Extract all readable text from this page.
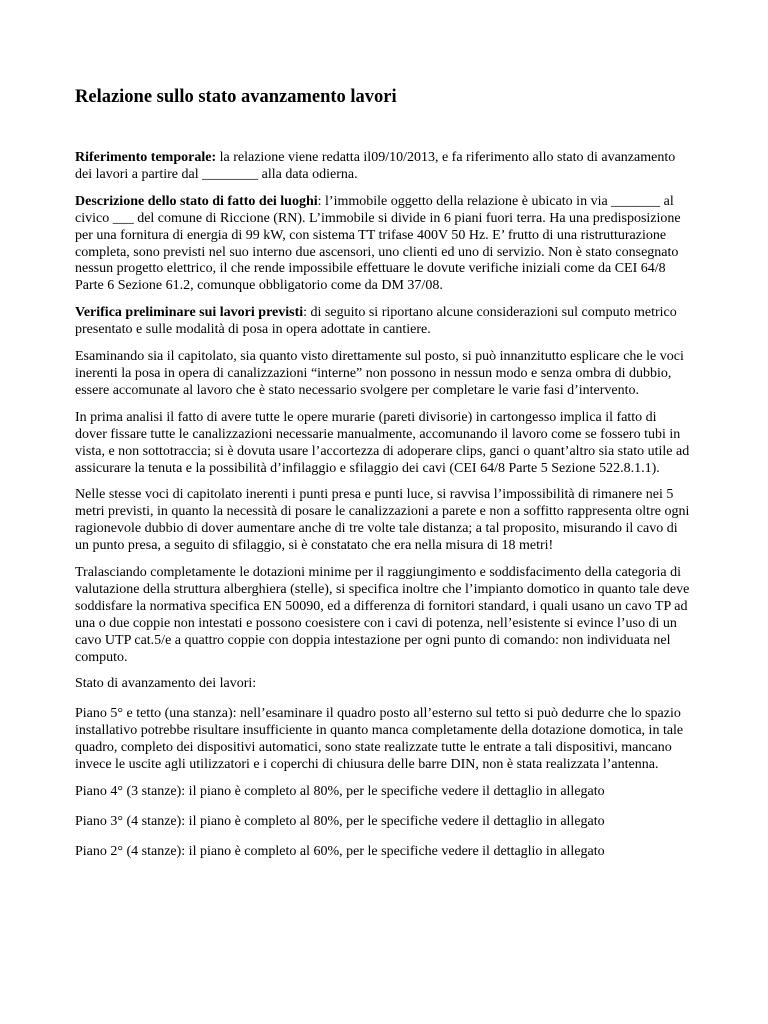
Relazione sullo stato avanzamento lavori

Riferimento temporale: la relazione viene redatta il09/10/2013, e fa riferimento allo stato di avanzamento dei lavori a partire dal ________ alla data odierna.

Descrizione dello stato di fatto dei luoghi: l’immobile oggetto della relazione è ubicato in via _______ al civico ___ del comune di Riccione (RN). L’immobile si divide in 6 piani fuori terra. Ha una predisposizione per una fornitura di energia di 99 kW, con sistema TT trifase 400V 50 Hz. E’ frutto di una ristrutturazione completa, sono previsti nel suo interno due ascensori, uno clienti ed uno di servizio. Non è stato consegnato nessun progetto elettrico, il che rende impossibile effettuare le dovute verifiche iniziali come da CEI 64/8 Parte 6 Sezione 61.2, comunque obbligatorio come da DM 37/08.

Verifica preliminare sui lavori previsti: di seguito si riportano alcune considerazioni sul computo metrico presentato e sulle modalità di posa in opera adottate in cantiere.

Esaminando sia il capitolato, sia quanto visto direttamente sul posto, si può innanzitutto esplicare che le voci inerenti la posa in opera di canalizzazioni “interne” non possono in nessun modo e senza ombra di dubbio, essere accomunate al lavoro che è stato necessario svolgere per completare le varie fasi d’intervento.

In prima analisi il fatto di avere tutte le opere murarie (pareti divisorie) in cartongesso implica il fatto di dover fissare tutte le canalizzazioni necessarie manualmente, accomunando il lavoro come se fossero tubi in vista, e non sottotraccia; si è dovuta usare l’accortezza di adoperare clips, ganci o quant’altro sia stato utile ad assicurare la tenuta e la possibilità d’infilaggio e sfilaggio dei cavi (CEI 64/8 Parte 5 Sezione 522.8.1.1).

Nelle stesse voci di capitolato inerenti i punti presa e punti luce, si ravvisa l’impossibilità di rimanere nei 5 metri previsti, in quanto la necessità di posare le canalizzazioni a parete e non a soffitto rappresenta oltre ogni ragionevole dubbio di dover aumentare anche di tre volte tale distanza; a tal proposito, misurando il cavo di un punto presa, a seguito di sfilaggio, si è constatato che era nella misura di 18 metri!

Tralasciando completamente le dotazioni minime per il raggiungimento e soddisfacimento della categoria di valutazione della struttura alberghiera (stelle), si specifica inoltre che l’impianto domotico in quanto tale deve soddisfare la normativa specifica EN 50090, ed a differenza di fornitori standard, i quali usano un cavo TP ad una o due coppie non intestati e possono coesistere con i cavi di potenza, nell’esistente si evince l’uso di un cavo UTP cat.5/e a quattro coppie con doppia intestazione per ogni punto di comando: non individuata nel computo.

Stato di avanzamento dei lavori:

Piano 5° e tetto (una stanza): nell’esaminare il quadro posto all’esterno sul tetto si può dedurre che lo spazio installativo potrebbe risultare insufficiente in quanto manca completamente della dotazione domotica, in tale quadro, completo dei dispositivi automatici, sono state realizzate tutte le entrate a tali dispositivi, mancano invece le uscite agli utilizzatori e i coperchi di chiusura delle barre DIN, non è stata realizzata l’antenna.

Piano 4° (3 stanze): il piano è completo al 80%, per le specifiche vedere il dettaglio in allegato

Piano 3° (4 stanze): il piano è completo al 80%, per le specifiche vedere il dettaglio in allegato

Piano 2° (4 stanze): il piano è completo al 60%, per le specifiche vedere il dettaglio in allegato
